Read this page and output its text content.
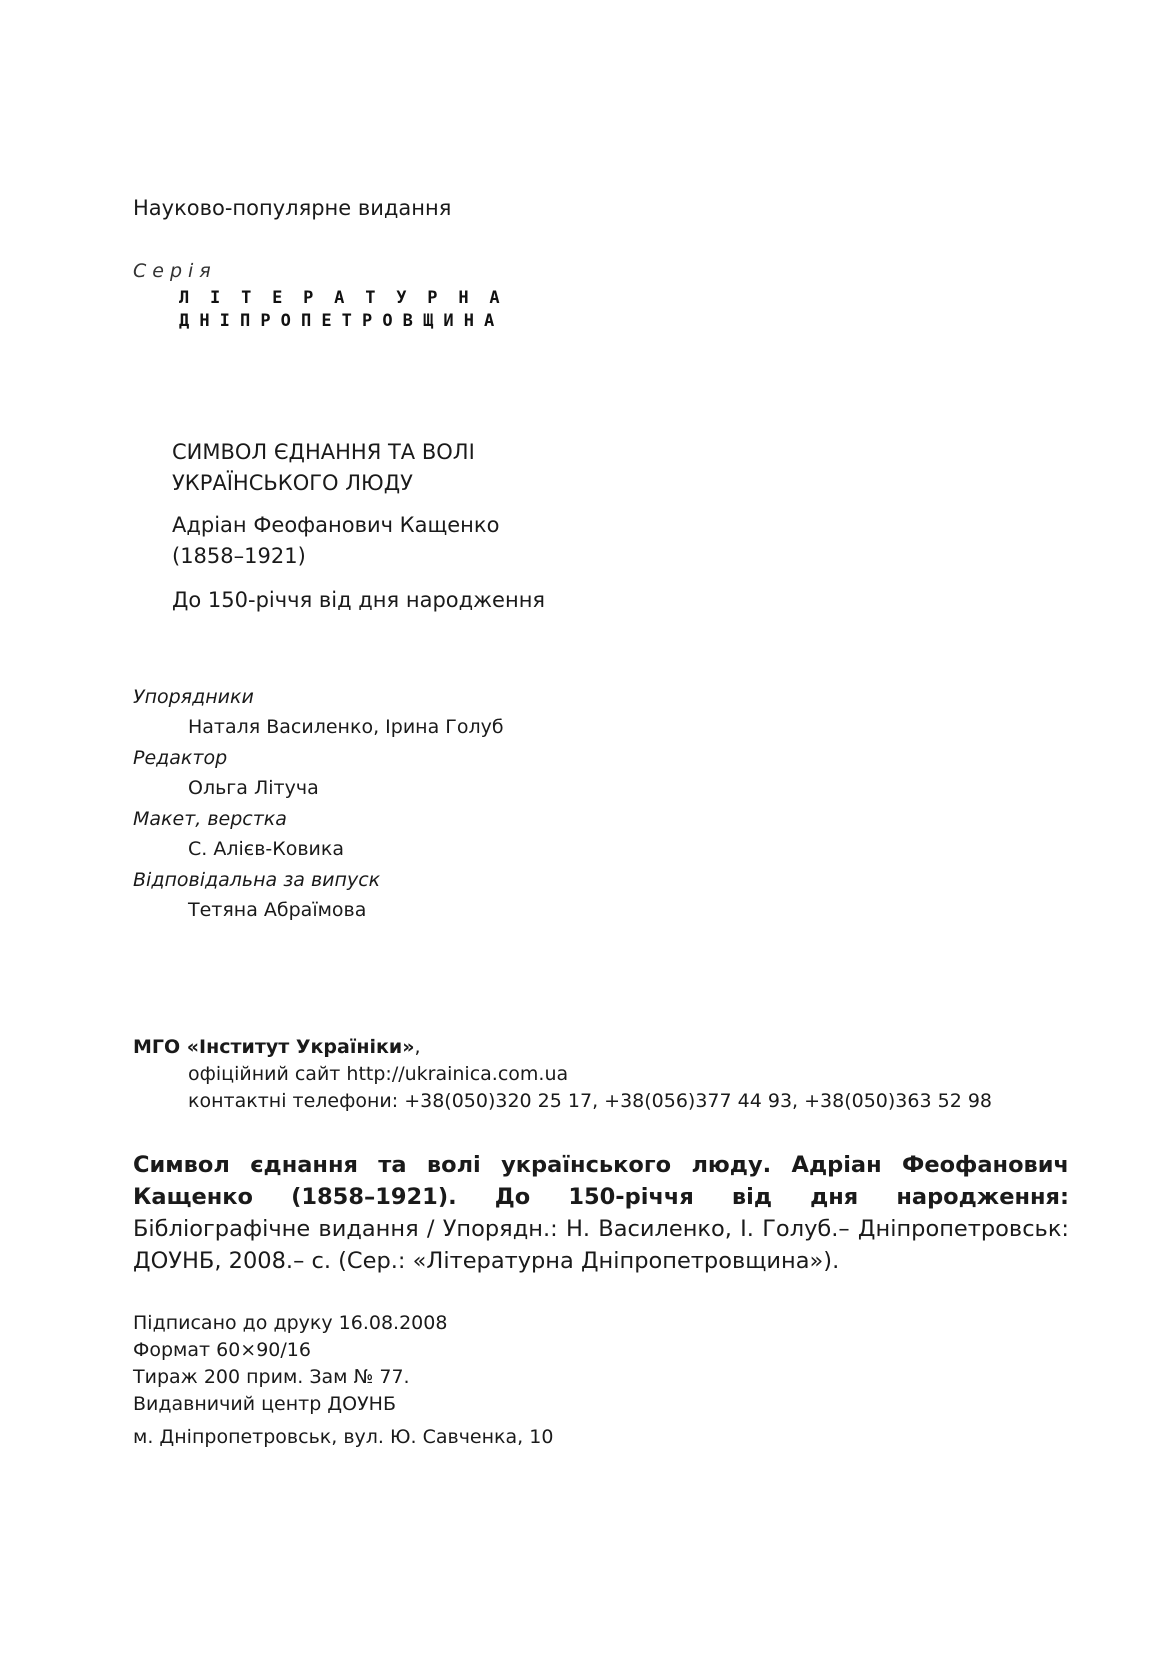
Науково-популярне видання
Серія
ЛІТЕРАТУРНА
ДНІПРОПЕТРОВЩИНА
СИМВОЛ ЄДНАННЯ ТА ВОЛІ
УКРАЇНСЬКОГО ЛЮДУ
Адріан Феофанович Кащенко
(1858–1921)
До 150-річчя від дня народження
Упорядники
Наталя Василенко, Ірина Голуб
Редактор
Ольга Літуча
Макет, верстка
С. Алієв-Ковика
Відповідальна за випуск
Тетяна Абраїмова
МГО «Інститут Україніки»,
офіційний сайт http://ukrainica.com.ua
контактні телефони: +38(050)320 25 17, +38(056)377 44 93, +38(050)363 52 98
Символ єднання та волі українського люду. Адріан Феофанович Кащенко (1858–1921). До 150-річчя від дня народження: Бібліографічне видання / Упорядн.: Н. Василенко, І. Голуб.– Дніпропетровськ: ДОУНБ, 2008.– с. (Сер.: «Літературна Дніпропетровщина»).
Підписано до друку 16.08.2008
Формат 60×90/16
Тираж 200 прим. Зам № 77.
Видавничий центр ДОУНБ
м. Дніпропетровськ, вул. Ю. Савченка, 10
